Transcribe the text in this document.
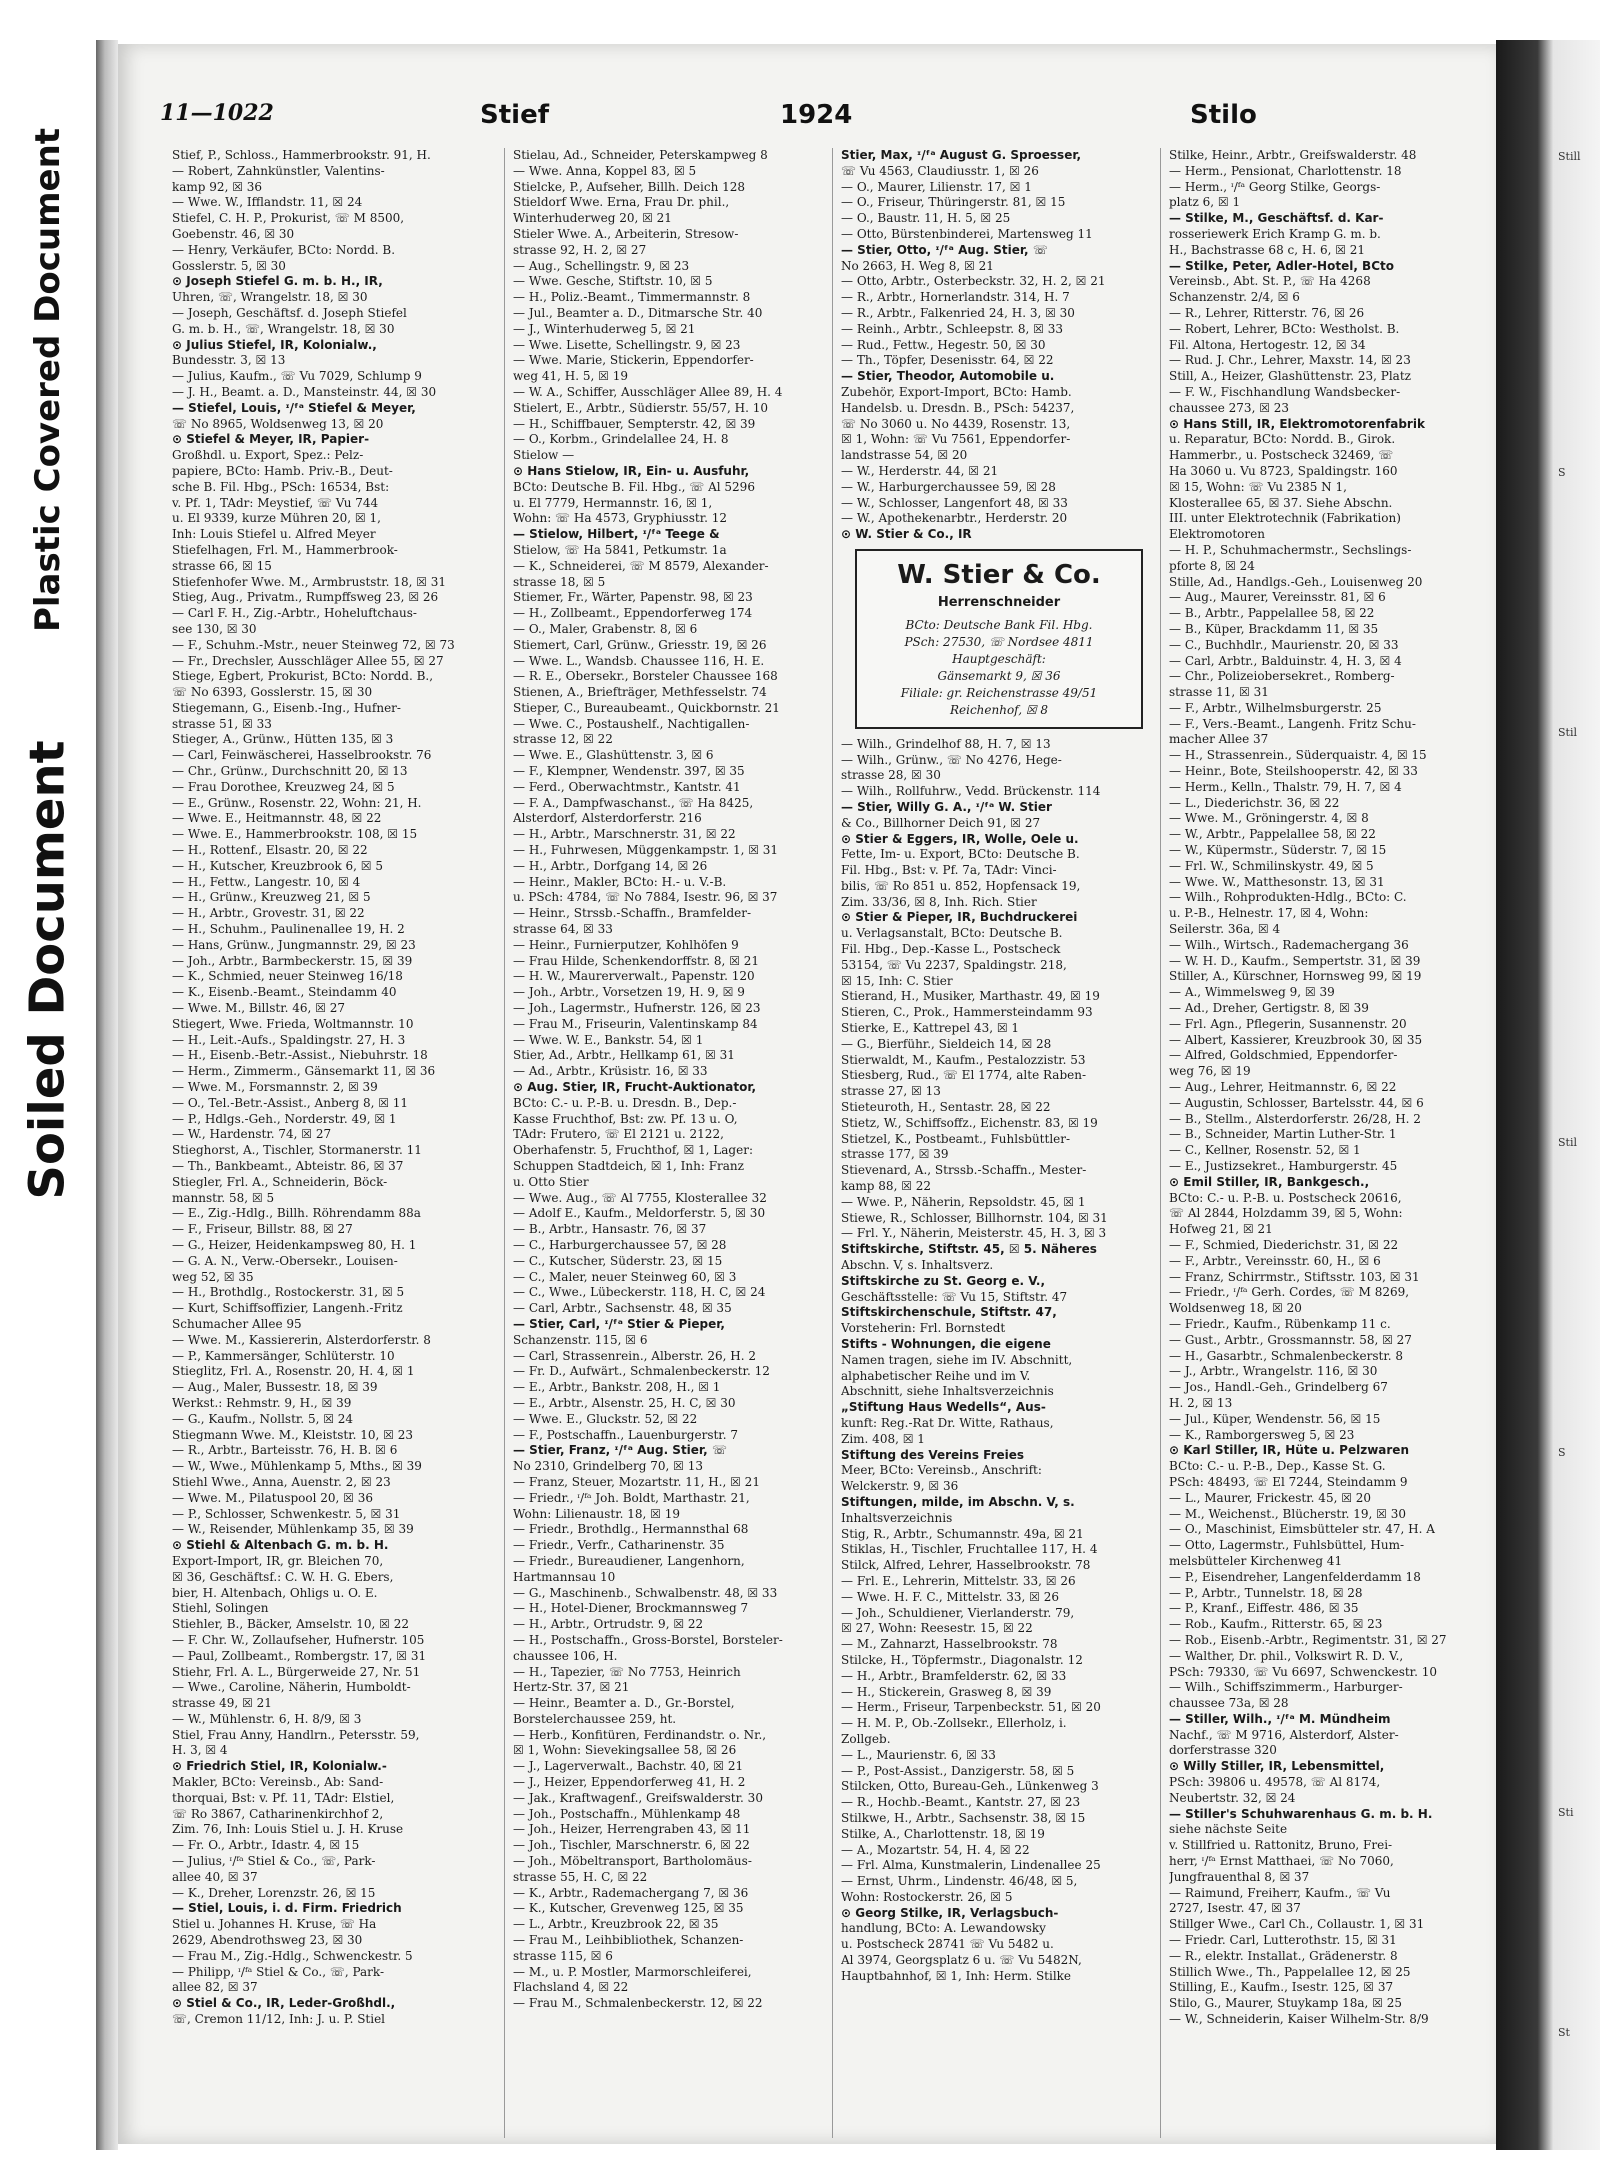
Plastic Covered Document
Soiled Document
Still
S
Stil
Stil
S
Sti
St
11—1022	Stief	1924	Stilo
Stief, P., Schloss., Hammerbrookstr. 91, H.
— Robert, Zahnkünstler, Valentins-
kamp 92, ☒ 36
— Wwe. W., Ifflandstr. 11, ☒ 24
Stiefel, C. H. P., Prokurist, ☏ M 8500,
Goebenstr. 46, ☒ 30
— Henry, Verkäufer, BCto: Nordd. B.
Gosslerstr. 5, ☒ 30
⊙ Joseph Stiefel G. m. b. H., IR,
Uhren, ☏, Wrangelstr. 18, ☒ 30
— Joseph, Geschäftsf. d. Joseph Stiefel
G. m. b. H., ☏, Wrangelstr. 18, ☒ 30
⊙ Julius Stiefel, IR, Kolonialw.,
Bundesstr. 3, ☒ 13
— Julius, Kaufm., ☏ Vu 7029, Schlump 9
— J. H., Beamt. a. D., Mansteinstr. 44, ☒ 30
— Stiefel, Louis, ᶦ/ᶠᵃ Stiefel & Meyer,
☏ No 8965, Woldsenweg 13, ☒ 20
⊙ Stiefel & Meyer, IR, Papier-
Großhdl. u. Export, Spez.: Pelz-
papiere, BCto: Hamb. Priv.-B., Deut-
sche B. Fil. Hbg., PSch: 16534, Bst:
v. Pf. 1, TAdr: Meystief, ☏ Vu 744
u. El 9339, kurze Mühren 20, ☒ 1,
Inh: Louis Stiefel u. Alfred Meyer
Stiefelhagen, Frl. M., Hammerbrook-
strasse 66, ☒ 15
Stiefenhofer Wwe. M., Armbruststr. 18, ☒ 31
Stieg, Aug., Privatm., Rumpffsweg 23, ☒ 26
— Carl F. H., Zig.-Arbtr., Hoheluftchaus-
see 130, ☒ 30
— F., Schuhm.-Mstr., neuer Steinweg 72, ☒ 73
— Fr., Drechsler, Ausschläger Allee 55, ☒ 27
Stiege, Egbert, Prokurist, BCto: Nordd. B.,
☏ No 6393, Gosslerstr. 15, ☒ 30
Stiegemann, G., Eisenb.-Ing., Hufner-
strasse 51, ☒ 33
Stieger, A., Grünw., Hütten 135, ☒ 3
— Carl, Feinwäscherei, Hasselbrookstr. 76
— Chr., Grünw., Durchschnitt 20, ☒ 13
— Frau Dorothee, Kreuzweg 24, ☒ 5
— E., Grünw., Rosenstr. 22, Wohn: 21, H.
— Wwe. E., Heitmannstr. 48, ☒ 22
— Wwe. E., Hammerbrookstr. 108, ☒ 15
— H., Rottenf., Elsastr. 20, ☒ 22
— H., Kutscher, Kreuzbrook 6, ☒ 5
— H., Fettw., Langestr. 10, ☒ 4
— H., Grünw., Kreuzweg 21, ☒ 5
— H., Arbtr., Grovestr. 31, ☒ 22
— H., Schuhm., Paulinenallee 19, H. 2
— Hans, Grünw., Jungmannstr. 29, ☒ 23
— Joh., Arbtr., Barmbeckerstr. 15, ☒ 39
— K., Schmied, neuer Steinweg 16/18
— K., Eisenb.-Beamt., Steindamm 40
— Wwe. M., Billstr. 46, ☒ 27
Stiegert, Wwe. Frieda, Woltmannstr. 10
— H., Leit.-Aufs., Spaldingstr. 27, H. 3
— H., Eisenb.-Betr.-Assist., Niebuhrstr. 18
— Herm., Zimmerm., Gänsemarkt 11, ☒ 36
— Wwe. M., Forsmannstr. 2, ☒ 39
— O., Tel.-Betr.-Assist., Anberg 8, ☒ 11
— P., Hdlgs.-Geh., Norderstr. 49, ☒ 1
— W., Hardenstr. 74, ☒ 27
Stieghorst, A., Tischler, Stormanerstr. 11
— Th., Bankbeamt., Abteistr. 86, ☒ 37
Stiegler, Frl. A., Schneiderin, Böck-
mannstr. 58, ☒ 5
— E., Zig.-Hdlg., Billh. Röhrendamm 88a
— F., Friseur, Billstr. 88, ☒ 27
— G., Heizer, Heidenkampsweg 80, H. 1
— G. A. N., Verw.-Obersekr., Louisen-
weg 52, ☒ 35
— H., Brothdlg., Rostockerstr. 31, ☒ 5
— Kurt, Schiffsoffizier, Langenh.-Fritz
Schumacher Allee 95
— Wwe. M., Kassiererin, Alsterdorferstr. 8
— P., Kammersänger, Schlüterstr. 10
Stieglitz, Frl. A., Rosenstr. 20, H. 4, ☒ 1
— Aug., Maler, Bussestr. 18, ☒ 39
Werkst.: Rehmstr. 9, H., ☒ 39
— G., Kaufm., Nollstr. 5, ☒ 24
Stiegmann Wwe. M., Kleiststr. 10, ☒ 23
— R., Arbtr., Barteisstr. 76, H. B. ☒ 6
— W., Wwe., Mühlenkamp 5, Mths., ☒ 39
Stiehl Wwe., Anna, Auenstr. 2, ☒ 23
— Wwe. M., Pilatuspool 20, ☒ 36
— P., Schlosser, Schwenkestr. 5, ☒ 31
— W., Reisender, Mühlenkamp 35, ☒ 39
⊙ Stiehl & Altenbach G. m. b. H.
Export-Import, IR, gr. Bleichen 70,
☒ 36, Geschäftsf.: C. W. H. G. Ebers,
bier, H. Altenbach, Ohligs u. O. E.
Stiehl, Solingen
Stiehler, B., Bäcker, Amselstr. 10, ☒ 22
— F. Chr. W., Zollaufseher, Hufnerstr. 105
— Paul, Zollbeamt., Rombergstr. 17, ☒ 31
Stiehr, Frl. A. L., Bürgerweide 27, Nr. 51
— Wwe., Caroline, Näherin, Humboldt-
strasse 49, ☒ 21
— W., Mühlenstr. 6, H. 8/9, ☒ 3
Stiel, Frau Anny, Handlrn., Petersstr. 59,
H. 3, ☒ 4
⊙ Friedrich Stiel, IR, Kolonialw.-
Makler, BCto: Vereinsb., Ab: Sand-
thorquai, Bst: v. Pf. 11, TAdr: Elstiel,
☏ Ro 3867, Catharinenkirchhof 2,
Zim. 76, Inh: Louis Stiel u. J. H. Kruse
— Fr. O., Arbtr., Idastr. 4, ☒ 15
— Julius, ᶦ/ᶠᵃ Stiel & Co., ☏, Park-
allee 40, ☒ 37
— K., Dreher, Lorenzstr. 26, ☒ 15
— Stiel, Louis, i. d. Firm. Friedrich
Stiel u. Johannes H. Kruse, ☏ Ha
2629, Abendrothsweg 23, ☒ 30
— Frau M., Zig.-Hdlg., Schwenckestr. 5
— Philipp, ᶦ/ᶠᵃ Stiel & Co., ☏, Park-
allee 82, ☒ 37
⊙ Stiel & Co., IR, Leder-Großhdl.,
☏, Cremon 11/12, Inh: J. u. P. Stiel
Stielau, Ad., Schneider, Peterskampweg 8
— Wwe. Anna, Koppel 83, ☒ 5
Stielcke, P., Aufseher, Billh. Deich 128
Stieldorf Wwe. Erna, Frau Dr. phil.,
Winterhuderweg 20, ☒ 21
Stieler Wwe. A., Arbeiterin, Stresow-
strasse 92, H. 2, ☒ 27
— Aug., Schellingstr. 9, ☒ 23
— Wwe. Gesche, Stiftstr. 10, ☒ 5
— H., Poliz.-Beamt., Timmermannstr. 8
— Jul., Beamter a. D., Ditmarsche Str. 40
— J., Winterhuderweg 5, ☒ 21
— Wwe. Lisette, Schellingstr. 9, ☒ 23
— Wwe. Marie, Stickerin, Eppendorfer-
weg 41, H. 5, ☒ 19
— W. A., Schiffer, Ausschläger Allee 89, H. 4
Stielert, E., Arbtr., Südierstr. 55/57, H. 10
— H., Schiffbauer, Sempterstr. 42, ☒ 39
— O., Korbm., Grindelallee 24, H. 8
Stielow —
⊙ Hans Stielow, IR, Ein- u. Ausfuhr,
BCto: Deutsche B. Fil. Hbg., ☏ Al 5296
u. El 7779, Hermannstr. 16, ☒ 1,
Wohn: ☏ Ha 4573, Gryphiusstr. 12
— Stielow, Hilbert, ᶦ/ᶠᵃ Teege &
Stielow, ☏ Ha 5841, Petkumstr. 1a
— K., Schneiderei, ☏ M 8579, Alexander-
strasse 18, ☒ 5
Stiemer, Fr., Wärter, Papenstr. 98, ☒ 23
— H., Zollbeamt., Eppendorferweg 174
— O., Maler, Grabenstr. 8, ☒ 6
Stiemert, Carl, Grünw., Griesstr. 19, ☒ 26
— Wwe. L., Wandsb. Chaussee 116, H. E.
— R. E., Obersekr., Borsteler Chaussee 168
Stienen, A., Briefträger, Methfesselstr. 74
Stieper, C., Bureaubeamt., Quickbornstr. 21
— Wwe. C., Postaushelf., Nachtigallen-
strasse 12, ☒ 22
— Wwe. E., Glashüttenstr. 3, ☒ 6
— F., Klempner, Wendenstr. 397, ☒ 35
— Ferd., Oberwachtmstr., Kantstr. 41
— F. A., Dampfwaschanst., ☏ Ha 8425,
Alsterdorf, Alsterdorferstr. 216
— H., Arbtr., Marschnerstr. 31, ☒ 22
— H., Fuhrwesen, Müggenkampstr. 1, ☒ 31
— H., Arbtr., Dorfgang 14, ☒ 26
— Heinr., Makler, BCto: H.- u. V.-B.
u. PSch: 4784, ☏ No 7884, Isestr. 96, ☒ 37
— Heinr., Strssb.-Schaffn., Bramfelder-
strasse 64, ☒ 33
— Heinr., Furnierputzer, Kohlhöfen 9
— Frau Hilde, Schenkendorffstr. 8, ☒ 21
— H. W., Maurerverwalt., Papenstr. 120
— Joh., Arbtr., Vorsetzen 19, H. 9, ☒ 9
— Joh., Lagermstr., Hufnerstr. 126, ☒ 23
— Frau M., Friseurin, Valentinskamp 84
— Wwe. W. E., Bankstr. 54, ☒ 1
Stier, Ad., Arbtr., Hellkamp 61, ☒ 31
— Ad., Arbtr., Krüsistr. 16, ☒ 33
⊙ Aug. Stier, IR, Frucht-Auktionator,
BCto: C.- u. P.-B. u. Dresdn. B., Dep.-
Kasse Fruchthof, Bst: zw. Pf. 13 u. O,
TAdr: Frutero, ☏ El 2121 u. 2122,
Oberhafenstr. 5, Fruchthof, ☒ 1, Lager:
Schuppen Stadtdeich, ☒ 1, Inh: Franz
u. Otto Stier
— Wwe. Aug., ☏ Al 7755, Klosterallee 32
— Adolf E., Kaufm., Meldorferstr. 5, ☒ 30
— B., Arbtr., Hansastr. 76, ☒ 37
— C., Harburgerchaussee 57, ☒ 28
— C., Kutscher, Süderstr. 23, ☒ 15
— C., Maler, neuer Steinweg 60, ☒ 3
— C., Wwe., Lübeckerstr. 118, H. C, ☒ 24
— Carl, Arbtr., Sachsenstr. 48, ☒ 35
— Stier, Carl, ᶦ/ᶠᵃ Stier & Pieper,
Schanzenstr. 115, ☒ 6
— Carl, Strassenrein., Alberstr. 26, H. 2
— Fr. D., Aufwärt., Schmalenbeckerstr. 12
— E., Arbtr., Bankstr. 208, H., ☒ 1
— E., Arbtr., Alsenstr. 25, H. C, ☒ 30
— Wwe. E., Gluckstr. 52, ☒ 22
— F., Postschaffn., Lauenburgerstr. 7
— Stier, Franz, ᶦ/ᶠᵃ Aug. Stier, ☏
No 2310, Grindelberg 70, ☒ 13
— Franz, Steuer, Mozartstr. 11, H., ☒ 21
— Friedr., ᶦ/ᶠᵃ Joh. Boldt, Marthastr. 21,
Wohn: Lilienaustr. 18, ☒ 19
— Friedr., Brothdlg., Hermannsthal 68
— Friedr., Verfr., Catharinenstr. 35
— Friedr., Bureaudiener, Langenhorn,
Hartmannsau 10
— G., Maschinenb., Schwalbenstr. 48, ☒ 33
— H., Hotel-Diener, Brockmannsweg 7
— H., Arbtr., Ortrudstr. 9, ☒ 22
— H., Postschaffn., Gross-Borstel, Borsteler-
chaussee 106, H.
— H., Tapezier, ☏ No 7753, Heinrich
Hertz-Str. 37, ☒ 21
— Heinr., Beamter a. D., Gr.-Borstel,
Borstelerchaussee 259, ht.
— Herb., Konfitüren, Ferdinandstr. o. Nr.,
☒ 1, Wohn: Sievekingsallee 58, ☒ 26
— J., Lagerverwalt., Bachstr. 40, ☒ 21
— J., Heizer, Eppendorferweg 41, H. 2
— Jak., Kraftwagenf., Greifswalderstr. 30
— Joh., Postschaffn., Mühlenkamp 48
— Joh., Heizer, Herrengraben 43, ☒ 11
— Joh., Tischler, Marschnerstr. 6, ☒ 22
— Joh., Möbeltransport, Bartholomäus-
strasse 55, H. C, ☒ 22
— K., Arbtr., Rademachergang 7, ☒ 36
— K., Kutscher, Grevenweg 125, ☒ 35
— L., Arbtr., Kreuzbrook 22, ☒ 35
— Frau M., Leihbibliothek, Schanzen-
strasse 115, ☒ 6
— M., u. P. Mostler, Marmorschleiferei,
Flachsland 4, ☒ 22
— Frau M., Schmalenbeckerstr. 12, ☒ 22
Stier, Max, ᶦ/ᶠᵃ August G. Sproesser,
☏ Vu 4563, Claudiusstr. 1, ☒ 26
— O., Maurer, Lilienstr. 17, ☒ 1
— O., Friseur, Thüringerstr. 81, ☒ 15
— O., Baustr. 11, H. 5, ☒ 25
— Otto, Bürstenbinderei, Martensweg 11
— Stier, Otto, ᶦ/ᶠᵃ Aug. Stier, ☏
No 2663, H. Weg 8, ☒ 21
— Otto, Arbtr., Osterbeckstr. 32, H. 2, ☒ 21
— R., Arbtr., Hornerlandstr. 314, H. 7
— R., Arbtr., Falkenried 24, H. 3, ☒ 30
— Reinh., Arbtr., Schleepstr. 8, ☒ 33
— Rud., Fettw., Hegestr. 50, ☒ 30
— Th., Töpfer, Desenisstr. 64, ☒ 22
— Stier, Theodor, Automobile u.
Zubehör, Export-Import, BCto: Hamb.
Handelsb. u. Dresdn. B., PSch: 54237,
☏ No 3060 u. No 4439, Rosenstr. 13,
☒ 1, Wohn: ☏ Vu 7561, Eppendorfer-
landstrasse 54, ☒ 20
— W., Herderstr. 44, ☒ 21
— W., Harburgerchaussee 59, ☒ 28
— W., Schlosser, Langenfort 48, ☒ 33
— W., Apothekenarbtr., Herderstr. 20
⊙ W. Stier & Co., IR
W. Stier & Co.
Herrenschneider
BCto: Deutsche Bank Fil. Hbg.
PSch: 27530, ☏ Nordsee 4811
Hauptgeschäft:
Gänsemarkt 9, ☒ 36
Filiale: gr. Reichenstrasse 49/51
Reichenhof, ☒ 8
— Wilh., Grindelhof 88, H. 7, ☒ 13
— Wilh., Grünw., ☏ No 4276, Hege-
strasse 28, ☒ 30
— Wilh., Rollfuhrw., Vedd. Brückenstr. 114
— Stier, Willy G. A., ᶦ/ᶠᵃ W. Stier
& Co., Billhorner Deich 91, ☒ 27
⊙ Stier & Eggers, IR, Wolle, Oele u.
Fette, Im- u. Export, BCto: Deutsche B.
Fil. Hbg., Bst: v. Pf. 7a, TAdr: Vinci-
bilis, ☏ Ro 851 u. 852, Hopfensack 19,
Zim. 33/36, ☒ 8, Inh. Rich. Stier
⊙ Stier & Pieper, IR, Buchdruckerei
u. Verlagsanstalt, BCto: Deutsche B.
Fil. Hbg., Dep.-Kasse L., Postscheck
53154, ☏ Vu 2237, Spaldingstr. 218,
☒ 15, Inh: C. Stier
Stierand, H., Musiker, Marthastr. 49, ☒ 19
Stieren, C., Prok., Hammersteindamm 93
Stierke, E., Kattrepel 43, ☒ 1
— G., Bierführ., Sieldeich 14, ☒ 28
Stierwaldt, M., Kaufm., Pestalozzistr. 53
Stiesberg, Rud., ☏ El 1774, alte Raben-
strasse 27, ☒ 13
Stieteuroth, H., Sentastr. 28, ☒ 22
Stietz, W., Schiffsoffz., Eichenstr. 83, ☒ 19
Stietzel, K., Postbeamt., Fuhlsbüttler-
strasse 177, ☒ 39
Stievenard, A., Strssb.-Schaffn., Mester-
kamp 88, ☒ 22
— Wwe. P., Näherin, Repsoldstr. 45, ☒ 1
Stiewe, R., Schlosser, Billhornstr. 104, ☒ 31
— Frl. Y., Näherin, Meisterstr. 45, H. 3, ☒ 3
Stiftskirche, Stiftstr. 45, ☒ 5. Näheres
Abschn. V, s. Inhaltsverz.
Stiftskirche zu St. Georg e. V.,
Geschäftsstelle: ☏ Vu 15, Stiftstr. 47
Stiftskirchenschule, Stiftstr. 47,
Vorsteherin: Frl. Bornstedt
Stifts - Wohnungen, die eigene
Namen tragen, siehe im IV. Abschnitt,
alphabetischer Reihe und im V.
Abschnitt, siehe Inhaltsverzeichnis
„Stiftung Haus Wedells“, Aus-
kunft: Reg.-Rat Dr. Witte, Rathaus,
Zim. 408, ☒ 1
Stiftung des Vereins Freies
Meer, BCto: Vereinsb., Anschrift:
Welckerstr. 9, ☒ 36
Stiftungen, milde, im Abschn. V, s.
Inhaltsverzeichnis
Stig, R., Arbtr., Schumannstr. 49a, ☒ 21
Stiklas, H., Tischler, Fruchtallee 117, H. 4
Stilck, Alfred, Lehrer, Hasselbrookstr. 78
— Frl. E., Lehrerin, Mittelstr. 33, ☒ 26
— Wwe. H. F. C., Mittelstr. 33, ☒ 26
— Joh., Schuldiener, Vierlanderstr. 79,
☒ 27, Wohn: Reesestr. 15, ☒ 22
— M., Zahnarzt, Hasselbrookstr. 78
Stilcke, H., Töpfermstr., Diagonalstr. 12
— H., Arbtr., Bramfelderstr. 62, ☒ 33
— H., Stickerein, Grasweg 8, ☒ 39
— Herm., Friseur, Tarpenbeckstr. 51, ☒ 20
— H. M. P., Ob.-Zollsekr., Ellerholz, i.
Zollgeb.
— L., Maurienstr. 6, ☒ 33
— P., Post-Assist., Danzigerstr. 58, ☒ 5
Stilcken, Otto, Bureau-Geh., Lünkenweg 3
— R., Hochb.-Beamt., Kantstr. 27, ☒ 23
Stilkwe, H., Arbtr., Sachsenstr. 38, ☒ 15
Stilke, A., Charlottenstr. 18, ☒ 19
— A., Mozartstr. 54, H. 4, ☒ 22
— Frl. Alma, Kunstmalerin, Lindenallee 25
— Ernst, Uhrm., Lindenstr. 46/48, ☒ 5,
Wohn: Rostockerstr. 26, ☒ 5
⊙ Georg Stilke, IR, Verlagsbuch-
handlung, BCto: A. Lewandowsky
u. Postscheck 28741 ☏ Vu 5482 u.
Al 3974, Georgsplatz 6 u. ☏ Vu 5482N,
Hauptbahnhof, ☒ 1, Inh: Herm. Stilke
Stilke, Heinr., Arbtr., Greifswalderstr. 48
— Herm., Pensionat, Charlottenstr. 18
— Herm., ᶦ/ᶠᵃ Georg Stilke, Georgs-
platz 6, ☒ 1
— Stilke, M., Geschäftsf. d. Kar-
rosseriewerk Erich Kramp G. m. b.
H., Bachstrasse 68 c, H. 6, ☒ 21
— Stilke, Peter, Adler-Hotel, BCto
Vereinsb., Abt. St. P., ☏ Ha 4268
Schanzenstr. 2/4, ☒ 6
— R., Lehrer, Ritterstr. 76, ☒ 26
— Robert, Lehrer, BCto: Westholst. B.
Fil. Altona, Hertogestr. 12, ☒ 34
— Rud. J. Chr., Lehrer, Maxstr. 14, ☒ 23
Still, A., Heizer, Glashüttenstr. 23, Platz
— F. W., Fischhandlung Wandsbecker-
chaussee 273, ☒ 23
⊙ Hans Still, IR, Elektromotorenfabrik
u. Reparatur, BCto: Nordd. B., Girok.
Hammerbr., u. Postscheck 32469, ☏
Ha 3060 u. Vu 8723, Spaldingstr. 160
☒ 15, Wohn: ☏ Vu 2385 N 1,
Klosterallee 65, ☒ 37. Siehe Abschn.
III. unter Elektrotechnik (Fabrikation)
Elektromotoren
— H. P., Schuhmachermstr., Sechslings-
pforte 8, ☒ 24
Stille, Ad., Handlgs.-Geh., Louisenweg 20
— Aug., Maurer, Vereinsstr. 81, ☒ 6
— B., Arbtr., Pappelallee 58, ☒ 22
— B., Küper, Brackdamm 11, ☒ 35
— C., Buchhdlr., Maurienstr. 20, ☒ 33
— Carl, Arbtr., Balduinstr. 4, H. 3, ☒ 4
— Chr., Polizeiobersekret., Romberg-
strasse 11, ☒ 31
— F., Arbtr., Wilhelmsburgerstr. 25
— F., Vers.-Beamt., Langenh. Fritz Schu-
macher Allee 37
— H., Strassenrein., Süderquaistr. 4, ☒ 15
— Heinr., Bote, Steilshooperstr. 42, ☒ 33
— Herm., Kelln., Thalstr. 79, H. 7, ☒ 4
— L., Diederichstr. 36, ☒ 22
— Wwe. M., Gröningerstr. 4, ☒ 8
— W., Arbtr., Pappelallee 58, ☒ 22
— W., Küpermstr., Süderstr. 7, ☒ 15
— Frl. W., Schmilinskystr. 49, ☒ 5
— Wwe. W., Matthesonstr. 13, ☒ 31
— Wilh., Rohprodukten-Hdlg., BCto: C.
u. P.-B., Helnestr. 17, ☒ 4, Wohn:
Seilerstr. 36a, ☒ 4
— Wilh., Wirtsch., Rademachergang 36
— W. H. D., Kaufm., Sempertstr. 31, ☒ 39
Stiller, A., Kürschner, Hornsweg 99, ☒ 19
— A., Wimmelsweg 9, ☒ 39
— Ad., Dreher, Gertigstr. 8, ☒ 39
— Frl. Agn., Pflegerin, Susannenstr. 20
— Albert, Kassierer, Kreuzbrook 30, ☒ 35
— Alfred, Goldschmied, Eppendorfer-
weg 76, ☒ 19
— Aug., Lehrer, Heitmannstr. 6, ☒ 22
— Augustin, Schlosser, Bartelsstr. 44, ☒ 6
— B., Stellm., Alsterdorferstr. 26/28, H. 2
— B., Schneider, Martin Luther-Str. 1
— C., Kellner, Rosenstr. 52, ☒ 1
— E., Justizsekret., Hamburgerstr. 45
⊙ Emil Stiller, IR, Bankgesch.,
BCto: C.- u. P.-B. u. Postscheck 20616,
☏ Al 2844, Holzdamm 39, ☒ 5, Wohn:
Hofweg 21, ☒ 21
— F., Schmied, Diederichstr. 31, ☒ 22
— F., Arbtr., Vereinsstr. 60, H., ☒ 6
— Franz, Schirrmstr., Stiftsstr. 103, ☒ 31
— Friedr., ᶦ/ᶠᵃ Gerh. Cordes, ☏ M 8269,
Woldsenweg 18, ☒ 20
— Friedr., Kaufm., Rübenkamp 11 c.
— Gust., Arbtr., Grossmannstr. 58, ☒ 27
— H., Gasarbtr., Schmalenbeckerstr. 8
— J., Arbtr., Wrangelstr. 116, ☒ 30
— Jos., Handl.-Geh., Grindelberg 67
H. 2, ☒ 13
— Jul., Küper, Wendenstr. 56, ☒ 15
— K., Ramborgersweg 5, ☒ 23
⊙ Karl Stiller, IR, Hüte u. Pelzwaren
BCto: C.- u. P.-B., Dep., Kasse St. G.
PSch: 48493, ☏ El 7244, Steindamm 9
— L., Maurer, Frickestr. 45, ☒ 20
— M., Weichenst., Blücherstr. 19, ☒ 30
— O., Maschinist, Eimsbütteler str. 47, H. A
— Otto, Lagermstr., Fuhlsbüttel, Hum-
melsbütteler Kirchenweg 41
— P., Eisendreher, Langenfelderdamm 18
— P., Arbtr., Tunnelstr. 18, ☒ 28
— P., Kranf., Eiffestr. 486, ☒ 35
— Rob., Kaufm., Ritterstr. 65, ☒ 23
— Rob., Eisenb.-Arbtr., Regimentstr. 31, ☒ 27
— Walther, Dr. phil., Volkswirt R. D. V.,
PSch: 79330, ☏ Vu 6697, Schwenckestr. 10
— Wilh., Schiffszimmerm., Harburger-
chaussee 73a, ☒ 28
— Stiller, Wilh., ᶦ/ᶠᵃ M. Mündheim
Nachf., ☏ M 9716, Alsterdorf, Alster-
dorferstrasse 320
⊙ Willy Stiller, IR, Lebensmittel,
PSch: 39806 u. 49578, ☏ Al 8174,
Neubertstr. 32, ☒ 24
— Stiller's Schuhwarenhaus G. m. b. H.
siehe nächste Seite
v. Stillfried u. Rattonitz, Bruno, Frei-
herr, ᶦ/ᶠᵃ Ernst Matthaei, ☏ No 7060,
Jungfrauenthal 8, ☒ 37
— Raimund, Freiherr, Kaufm., ☏ Vu
2727, Isestr. 47, ☒ 37
Stillger Wwe., Carl Ch., Collaustr. 1, ☒ 31
— Friedr. Carl, Lutterothstr. 15, ☒ 31
— R., elektr. Installat., Grädenerstr. 8
Stillich Wwe., Th., Pappelallee 12, ☒ 25
Stilling, E., Kaufm., Isestr. 125, ☒ 37
Stilo, G., Maurer, Stuykamp 18a, ☒ 25
— W., Schneiderin, Kaiser Wilhelm-Str. 8/9
